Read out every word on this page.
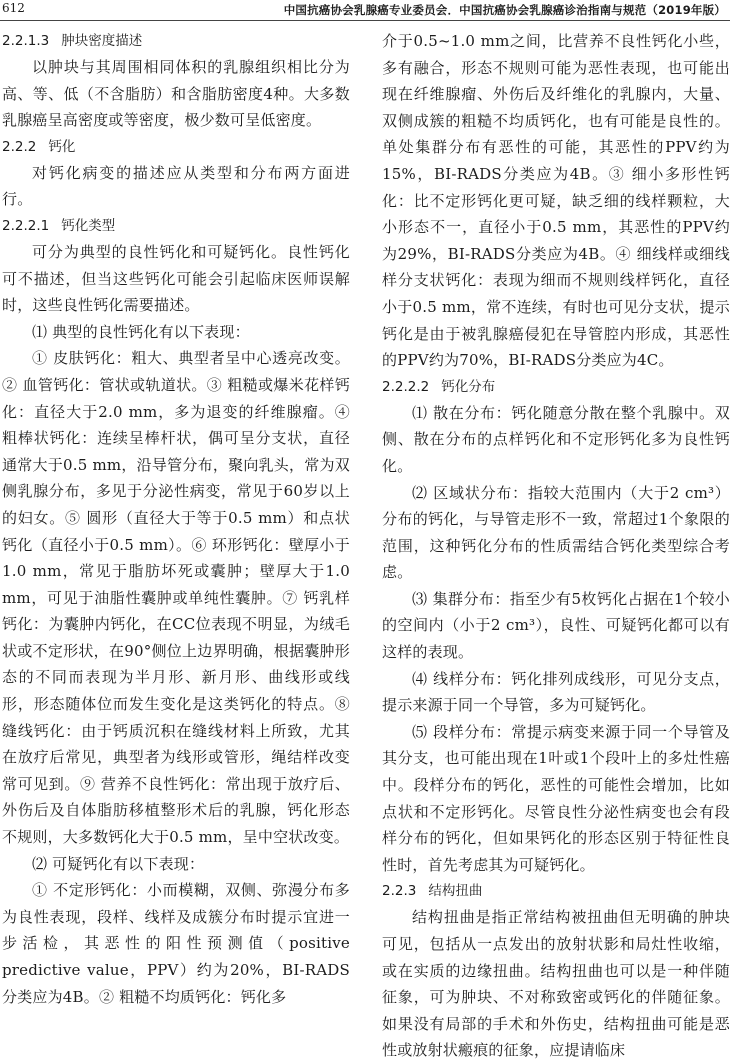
612	中国抗癌协会乳腺癌专业委员会．中国抗癌协会乳腺癌诊治指南与规范（2019年版）
2.2.1.3 肿块密度描述

以肿块与其周围相同体积的乳腺组织相比分为高、等、低（不含脂肪）和含脂肪密度4种。大多数乳腺癌呈高密度或等密度，极少数可呈低密度。

2.2.2 钙化

对钙化病变的描述应从类型和分布两方面进行。

2.2.2.1 钙化类型

可分为典型的良性钙化和可疑钙化。良性钙化可不描述，但当这些钙化可能会引起临床医师误解时，这些良性钙化需要描述。

⑴ 典型的良性钙化有以下表现：

① 皮肤钙化：粗大、典型者呈中心透亮改变。② 血管钙化：管状或轨道状。③ 粗糙或爆米花样钙化：直径大于2.0 mm，多为退变的纤维腺瘤。④ 粗棒状钙化：连续呈棒杆状，偶可呈分支状，直径通常大于0.5 mm，沿导管分布，聚向乳头，常为双侧乳腺分布，多见于分泌性病变，常见于60岁以上的妇女。⑤ 圆形（直径大于等于0.5 mm）和点状钙化（直径小于0.5 mm）。⑥ 环形钙化：壁厚小于1.0 mm，常见于脂肪坏死或囊肿；壁厚大于1.0 mm，可见于油脂性囊肿或单纯性囊肿。⑦ 钙乳样钙化：为囊肿内钙化，在CC位表现不明显，为绒毛状或不定形状，在90°侧位上边界明确，根据囊肿形态的不同而表现为半月形、新月形、曲线形或线形，形态随体位而发生变化是这类钙化的特点。⑧ 缝线钙化：由于钙质沉积在缝线材料上所致，尤其在放疗后常见，典型者为线形或管形，绳结样改变常可见到。⑨ 营养不良性钙化：常出现于放疗后、外伤后及自体脂肪移植整形术后的乳腺，钙化形态不规则，大多数钙化大于0.5 mm，呈中空状改变。

⑵ 可疑钙化有以下表现：

① 不定形钙化：小而模糊，双侧、弥漫分布多为良性表现，段样、线样及成簇分布时提示宜进一步活检，其恶性的阳性预测值（positive predictive value，PPV）约为20%，BI-RADS分类应为4B。② 粗糙不均质钙化：钙化多

介于0.5~1.0 mm之间，比营养不良性钙化小些，多有融合，形态不规则可能为恶性表现，也可能出现在纤维腺瘤、外伤后及纤维化的乳腺内，大量、双侧成簇的粗糙不均质钙化，也有可能是良性的。单处集群分布有恶性的可能，其恶性的PPV约为15%，BI-RADS分类应为4B。③ 细小多形性钙化：比不定形钙化更可疑，缺乏细的线样颗粒，大小形态不一，直径小于0.5 mm，其恶性的PPV约为29%，BI-RADS分类应为4B。④ 细线样或细线样分支状钙化：表现为细而不规则线样钙化，直径小于0.5 mm，常不连续，有时也可见分支状，提示钙化是由于被乳腺癌侵犯在导管腔内形成，其恶性的PPV约为70%，BI-RADS分类应为4C。

2.2.2.2 钙化分布

⑴ 散在分布：钙化随意分散在整个乳腺中。双侧、散在分布的点样钙化和不定形钙化多为良性钙化。

⑵ 区域状分布：指较大范围内（大于2 cm³）分布的钙化，与导管走形不一致，常超过1个象限的范围，这种钙化分布的性质需结合钙化类型综合考虑。

⑶ 集群分布：指至少有5枚钙化占据在1个较小的空间内（小于2 cm³），良性、可疑钙化都可以有这样的表现。

⑷ 线样分布：钙化排列成线形，可见分支点，提示来源于同一个导管，多为可疑钙化。

⑸ 段样分布：常提示病变来源于同一个导管及其分支，也可能出现在1叶或1个段叶上的多灶性癌中。段样分布的钙化，恶性的可能性会增加，比如点状和不定形钙化。尽管良性分泌性病变也会有段样分布的钙化，但如果钙化的形态区别于特征性良性时，首先考虑其为可疑钙化。

2.2.3 结构扭曲

结构扭曲是指正常结构被扭曲但无明确的肿块可见，包括从一点发出的放射状影和局灶性收缩，或在实质的边缘扭曲。结构扭曲也可以是一种伴随征象，可为肿块、不对称致密或钙化的伴随征象。如果没有局部的手术和外伤史，结构扭曲可能是恶性或放射状瘢痕的征象，应提请临床
